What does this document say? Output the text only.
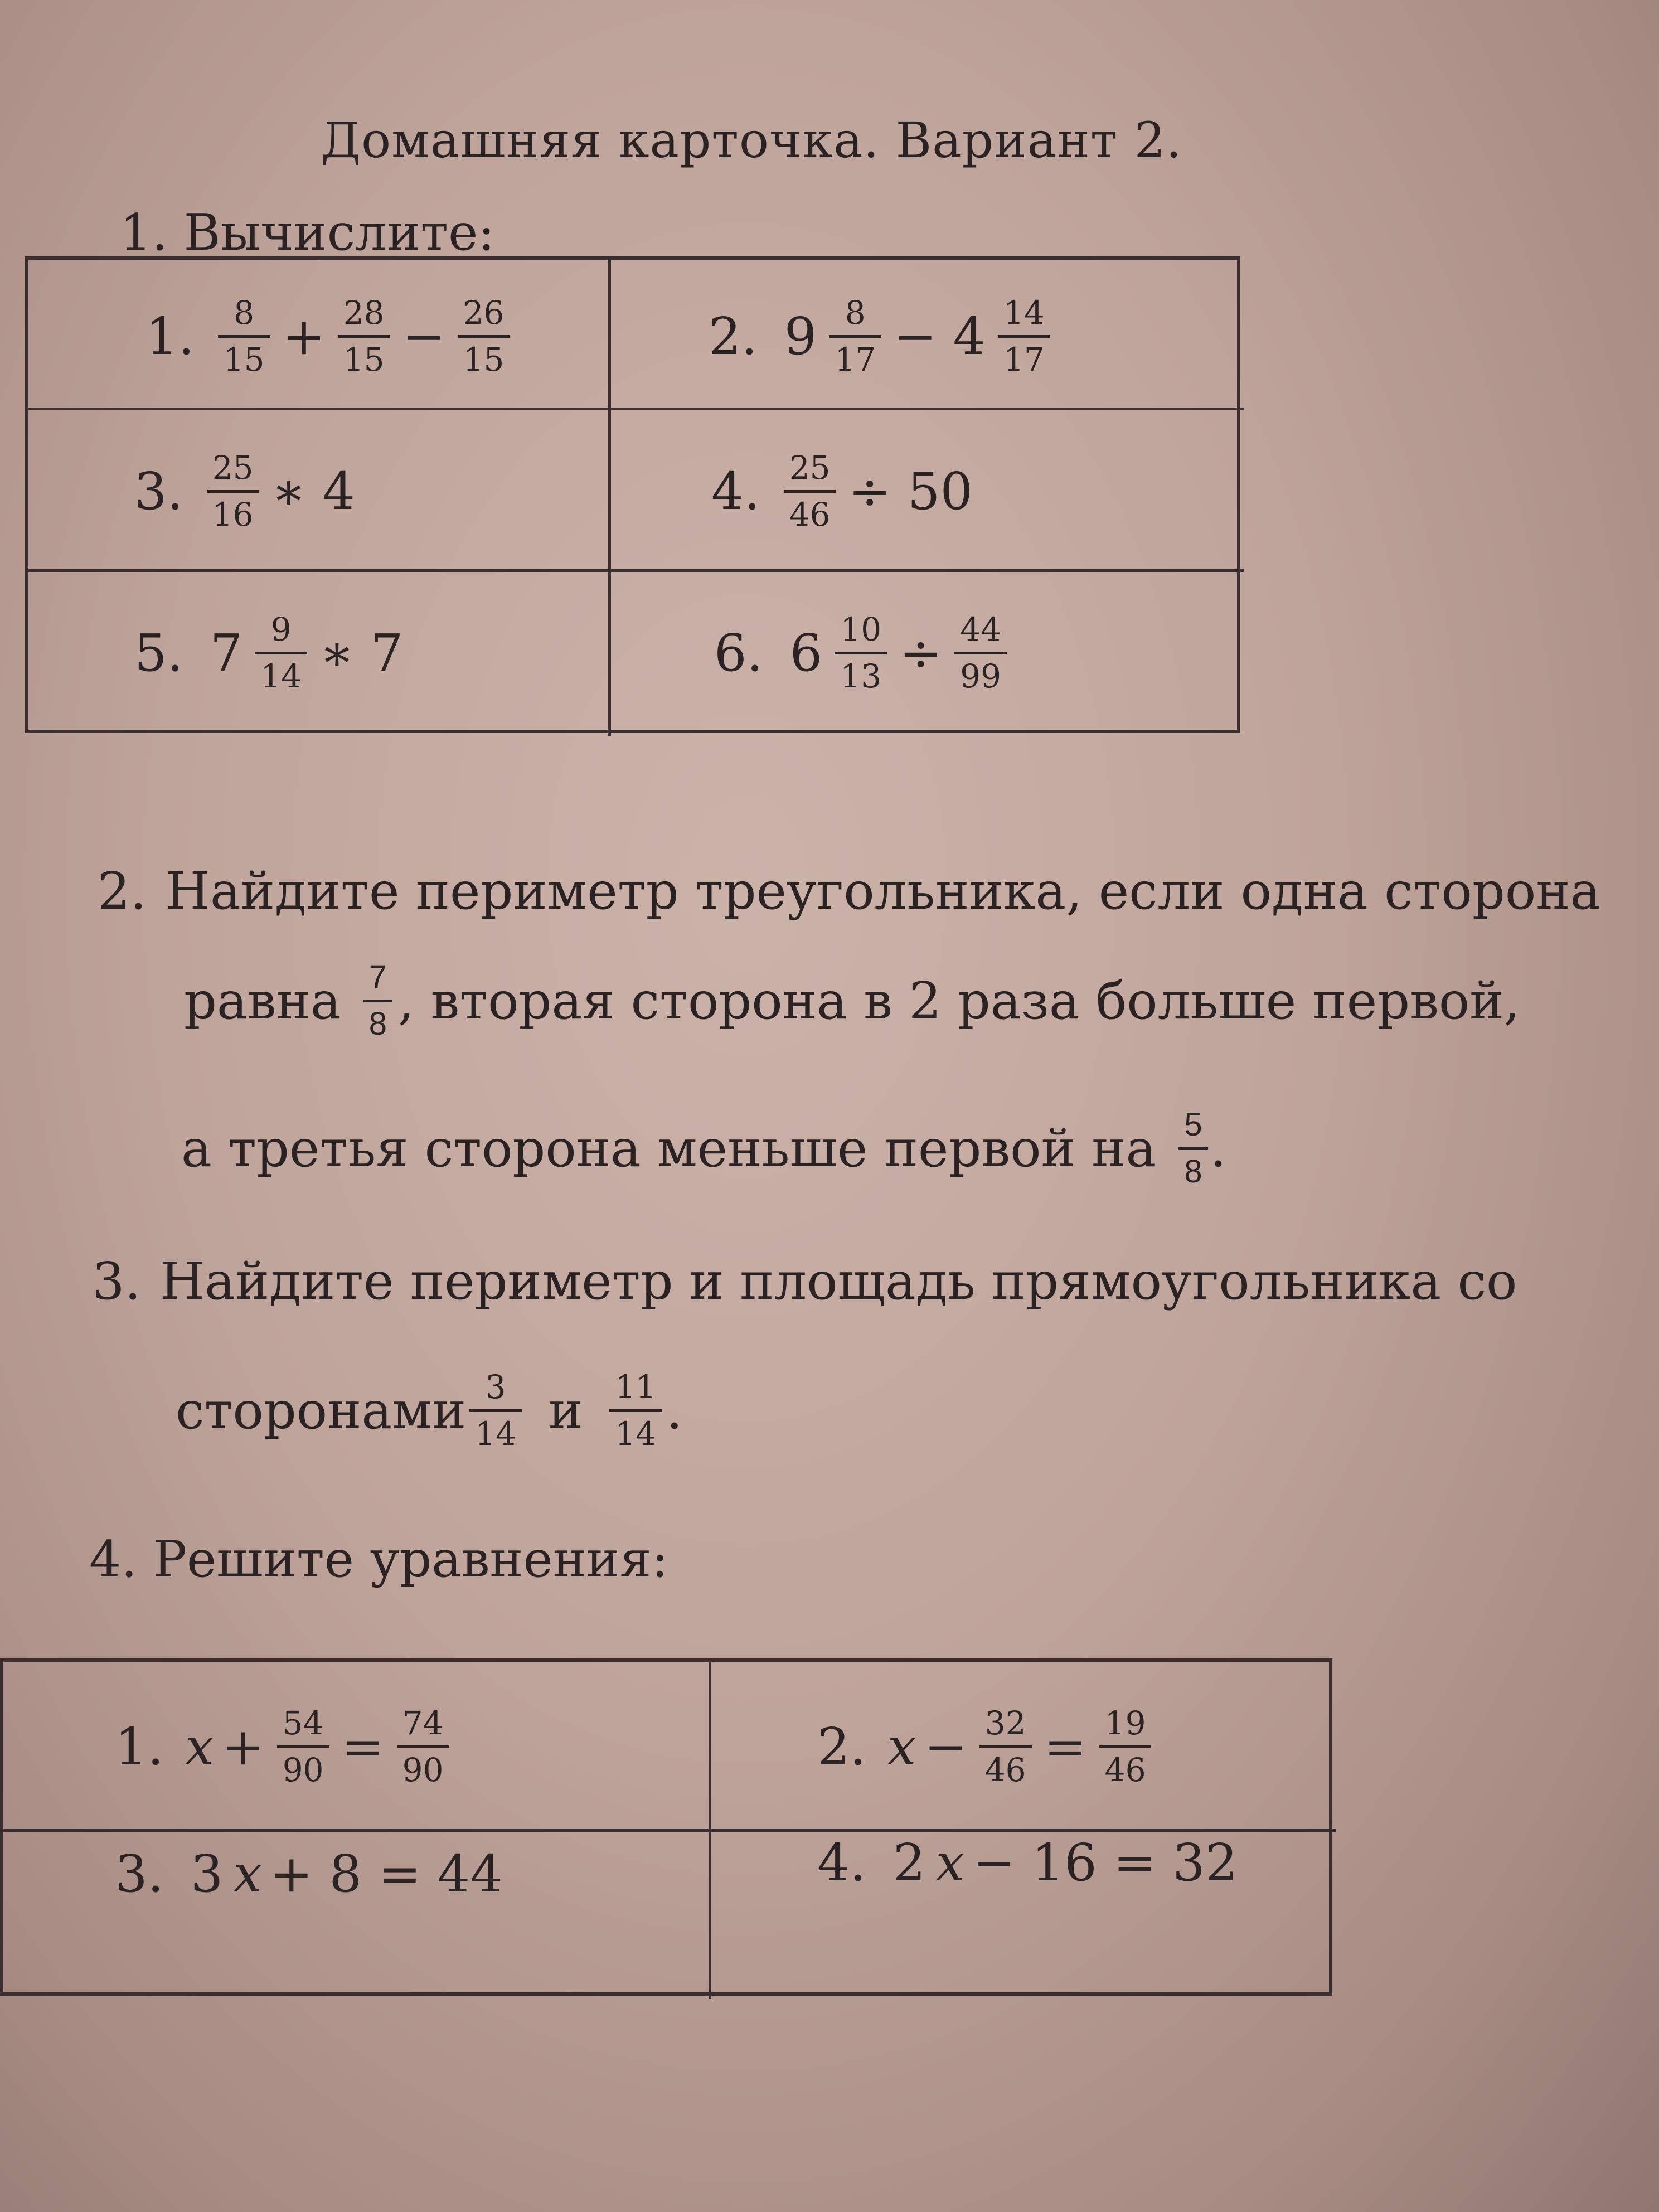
Домашняя карточка. Вариант 2.
1. Вычислите:
1. $\frac{8}{15} + \frac{28}{15} - \frac{26}{15}$	2. $9 \frac{8}{17} - 4 \frac{14}{17}$
3. $\frac{25}{16}$ ∗ 4	4. $\frac{25}{46} \div 50$
5. $7 \frac{9}{14}$ ∗ 7	6. $6 \frac{10}{13} \div \frac{44}{99}$
2. Найдите периметр треугольника, если одна сторона
равна $\frac{7}{8}$ , вторая сторона в 2 раза больше первой,
а третья сторона меньше первой на $\frac{5}{8}$ .
3. Найдите периметр и площадь прямоугольника со
сторонами $\frac{3}{14}$ и $\frac{11}{14}$ .
4. Решите уравнения:
1. $x + \frac{54}{90} = \frac{74}{90}$	2. $x - \frac{32}{46} = \frac{19}{46}$
3. 3 x + 8 = 44	4. 2 x − 16 = 32
